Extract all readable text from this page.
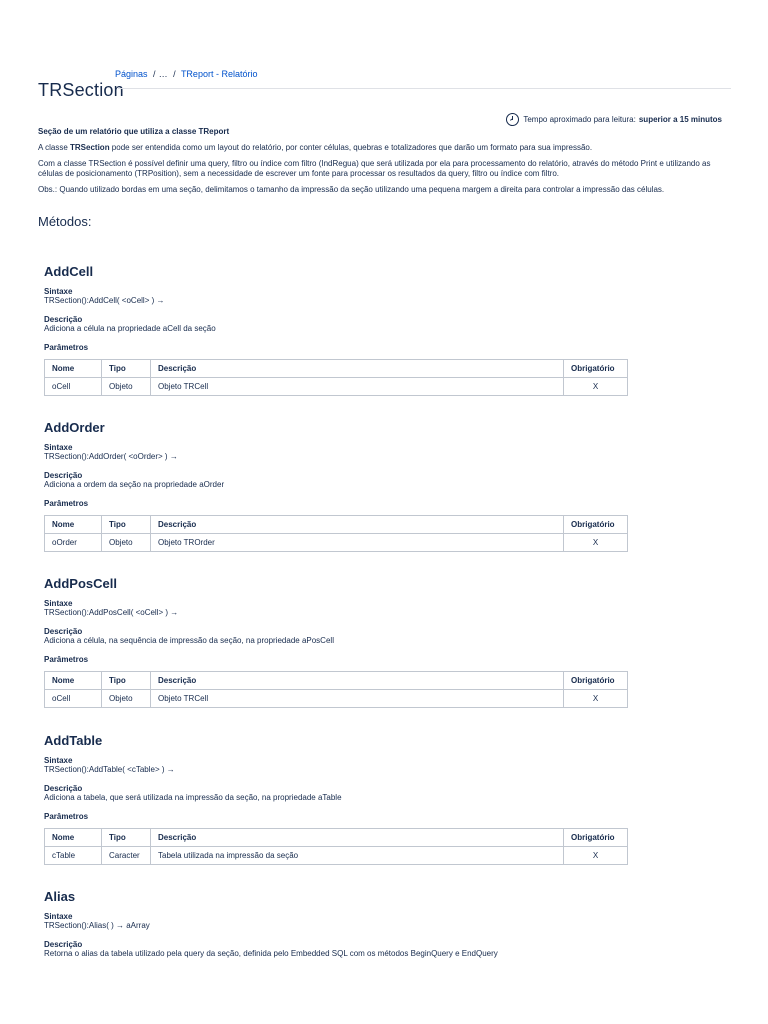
Páginas / … / TReport - Relatório
TRSection
Tempo aproximado para leitura: superior a 15 minutos

Seção de um relatório que utiliza a classe TReport

A classe TRSection pode ser entendida como um layout do relatório, por conter células, quebras e totalizadores que darão um formato para sua impressão.

Com a classe TRSection é possível definir uma query, filtro ou índice com filtro (IndRegua) que será utilizada por ela para processamento do relatório, através do método Print e utilizando as células de posicionamento (TRPosition), sem a necessidade de escrever um fonte para processar os resultados da query, filtro ou índice com filtro.

Obs.: Quando utilizado bordas em uma seção, delimitamos o tamanho da impressão da seção utilizando uma pequena margem a direita para controlar a impressão das células.

Métodos:
AddCell
Sintaxe
TRSection():AddCell( <oCell> ) →
Descrição
Adiciona a célula na propriedade aCell da seção
Parâmetros
Nome	Tipo	Descrição	Obrigatório
oCell	Objeto	Objeto TRCell	X
AddOrder
Sintaxe
TRSection():AddOrder( <oOrder> ) →
Descrição
Adiciona a ordem da seção na propriedade aOrder
Parâmetros
Nome	Tipo	Descrição	Obrigatório
oOrder	Objeto	Objeto TROrder	X
AddPosCell
Sintaxe
TRSection():AddPosCell( <oCell> ) →
Descrição
Adiciona a célula, na sequência de impressão da seção, na propriedade aPosCell
Parâmetros
Nome	Tipo	Descrição	Obrigatório
oCell	Objeto	Objeto TRCell	X
AddTable
Sintaxe
TRSection():AddTable( <cTable> ) →
Descrição
Adiciona a tabela, que será utilizada na impressão da seção, na propriedade aTable
Parâmetros
Nome	Tipo	Descrição	Obrigatório
cTable	Caracter	Tabela utilizada na impressão da seção	X
Alias
Sintaxe
TRSection():Alias( ) → aArray
Descrição
Retorna o alias da tabela utilizado pela query da seção, definida pelo Embedded SQL com os métodos BeginQuery e EndQuery
